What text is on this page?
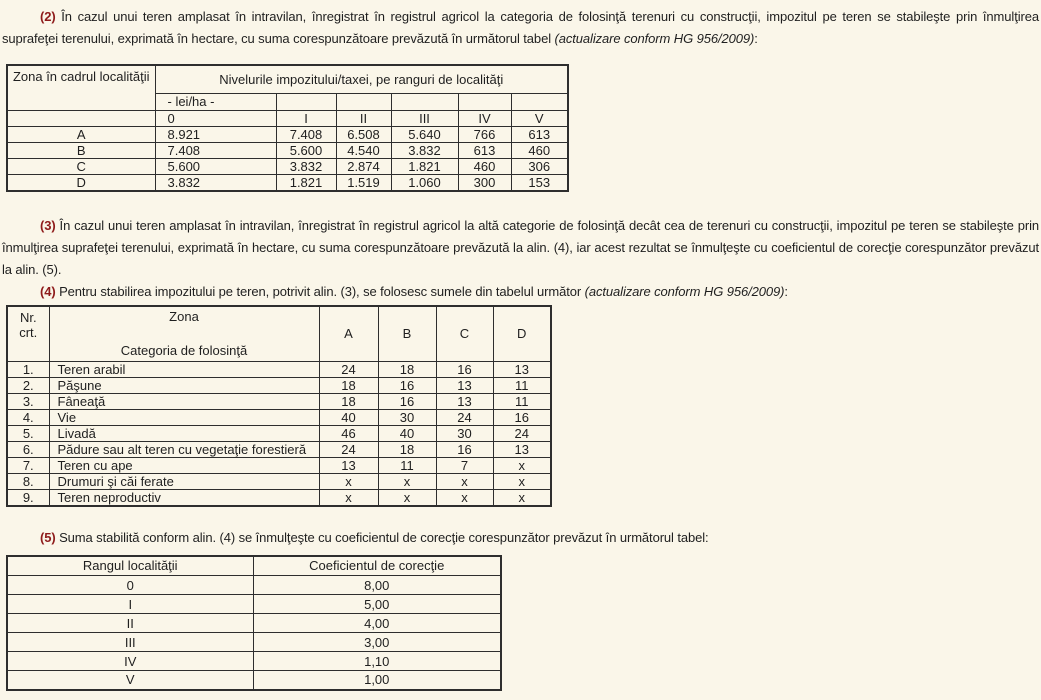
(2) În cazul unui teren amplasat în intravilan, înregistrat în registrul agricol la categoria de folosinţă terenuri cu construcţii, impozitul pe teren se stabileşte prin înmulţirea suprafeţei terenului, exprimată în hectare, cu suma corespunzătoare prevăzută în următorul tabel (actualizare conform HG 956/2009):

Zona în cadrul localităţii	Nivelurile impozitului/taxei, pe ranguri de localităţi					
	- lei/ha -					
	0	I	II	III	IV	V
A	8.921	7.408	6.508	5.640	766	613
B	7.408	5.600	4.540	3.832	613	460
C	5.600	3.832	2.874	1.821	460	306
D	3.832	1.821	1.519	1.060	300	153

(3) În cazul unui teren amplasat în intravilan, înregistrat în registrul agricol la altă categorie de folosinţă decât cea de terenuri cu construcţii, impozitul pe teren se stabileşte prin înmulţirea suprafeţei terenului, exprimată în hectare, cu suma corespunzătoare prevăzută la alin. (4), iar acest rezultat se înmulţeşte cu coeficientul de corecţie corespunzător prevăzut la alin. (5).

(4) Pentru stabilirea impozitului pe teren, potrivit alin. (3), se folosesc sumele din tabelul următor (actualizare conform HG 956/2009):

Nr.
crt.

Zona
Categoria de folosinţă
	A	B	C	D
1.	Teren arabil	24	18	16	13
2.	Păşune	18	16	13	11
3.	Fâneaţă	18	16	13	11
4.	Vie	40	30	24	16
5.	Livadă	46	40	30	24
6.	Pădure sau alt teren cu vegetaţie forestieră	24	18	16	13
7.	Teren cu ape	13	11	7	x
8.	Drumuri şi căi ferate	x	x	x	x
9.	Teren neproductiv	x	x	x	x

(5) Suma stabilită conform alin. (4) se înmulţeşte cu coeficientul de corecţie corespunzător prevăzut în următorul tabel:

Rangul localităţii	Coeficientul de corecţie
0	8,00
I	5,00
II	4,00
III	3,00
IV	1,10
V	1,00
